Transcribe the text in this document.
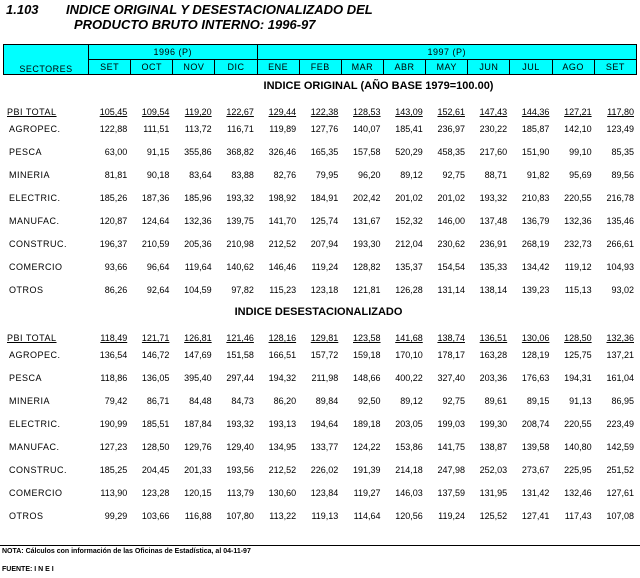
1.103 INDICE ORIGINAL Y DESESTACIONALIZADO DEL
PRODUCTO BRUTO INTERNO: 1996-97
SECTORES	1996 (P)				1997 (P)								
	SET	OCT	NOV	DIC	ENE	FEB	MAR	ABR	MAY	JUN	JUL	AGO	SET
INDICE ORIGINAL (AÑO BASE 1979=100.00)													
PBI TOTAL	105,45	109,54	119,20	122,67	129,44	122,38	128,53	143,09	152,61	147,43	144,36	127,21	117,80
AGROPEC.	122,88	111,51	113,72	116,71	119,89	127,76	140,07	185,41	236,97	230,22	185,87	142,10	123,49
PESCA	63,00	91,15	355,86	368,82	326,46	165,35	157,58	520,29	458,35	217,60	151,90	99,10	85,35
MINERIA	81,81	90,18	83,64	83,88	82,76	79,95	96,20	89,12	92,75	88,71	91,82	95,69	89,56
ELECTRIC.	185,26	187,36	185,96	193,32	198,92	184,91	202,42	201,02	201,02	193,32	210,83	220,55	216,78
MANUFAC.	120,87	124,64	132,36	139,75	141,70	125,74	131,67	152,32	146,00	137,48	136,79	132,36	135,46
CONSTRUC.	196,37	210,59	205,36	210,98	212,52	207,94	193,30	212,04	230,62	236,91	268,19	232,73	266,61
COMERCIO	93,66	96,64	119,64	140,62	146,46	119,24	128,82	135,37	154,54	135,33	134,42	119,12	104,93
OTROS	86,26	92,64	104,59	97,82	115,23	123,18	121,81	126,28	131,14	138,14	139,23	115,13	93,02
INDICE DESESTACIONALIZADO													
PBI TOTAL	118,49	121,71	126,81	121,46	128,16	129,81	123,58	141,68	138,74	136,51	130,06	128,50	132,36
AGROPEC.	136,54	146,72	147,69	151,58	166,51	157,72	159,18	170,10	178,17	163,28	128,19	125,75	137,21
PESCA	118,86	136,05	395,40	297,44	194,32	211,98	148,66	400,22	327,40	203,36	176,63	194,31	161,04
MINERIA	79,42	86,71	84,48	84,73	86,20	89,84	92,50	89,12	92,75	89,61	89,15	91,13	86,95
ELECTRIC.	190,99	185,51	187,84	193,32	193,13	194,64	189,18	203,05	199,03	199,30	208,74	220,55	223,49
MANUFAC.	127,23	128,50	129,76	129,40	134,95	133,77	124,22	153,86	141,75	138,87	139,58	140,80	142,59
CONSTRUC.	185,25	204,45	201,33	193,56	212,52	226,02	191,39	214,18	247,98	252,03	273,67	225,95	251,52
COMERCIO	113,90	123,28	120,15	113,79	130,60	123,84	119,27	146,03	137,59	131,95	131,42	132,46	127,61
OTROS	99,29	103,66	116,88	107,80	113,22	119,13	114,64	120,56	119,24	125,52	127,41	117,43	107,08
NOTA: Cálculos con información de las Oficinas de Estadística, al 04-11-97
FUENTE: I N E I
